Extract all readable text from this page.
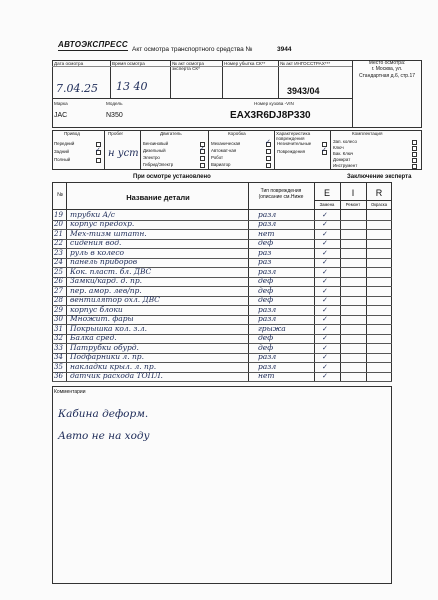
АВТОЭКСПРЕСС
Акт осмотра транспортного средства №	3944
Дата осмотра	Время осмотра	№ акт осмотра эксперта СК*
Номер убытка СК**	№ акт ИНГОССТРАХ***
7.04.25 13 40	3943/04
Место осмотра:
г. Москва, ул. Стандартная д.6, стр.17
Марка
JAC
Модель
N350
Номер кузова -VIN
EAX3R6DJ8P330
Привод
Передний
Задний	✓
Полный
Пробег
н уст
Двигатель
Бензиновый
Дизельный	✓
Электро
Гибрид/Электр
Коробка
Механическая	✓
Автомат-кая
Робот
Вариатор
Характеристика повреждения
Незначительные
Повреждения ✓
Комплектация
Зап. колесо
Ключ
Бак. Ключ
Домкрат
Инструмент
При осмотре установлено	Заключение эксперта
№	Название детали
Тип повреждения (описание см.Ниже	E	I	R
Замена	Ремонт	Окраска
19 трубки А/с	разл	✓
20 корпус предохр.	разл	✓
21 Мех-тизм штатн.	нет	✓
22 сидения вод.	деф	✓
23 руль в колесо	раз	✓
24 панель приборов	раз	✓
25 Кок. пласт. бл. ДВС	разл	✓
26 Замки/кард. д. пр.	деф	✓
27 пер. амор. лев/пр.	деф	✓
28 вентилятор охл. ДВС	деф	✓
29 корпус блоки	разл	✓
30 Множит. фары	разл	✓
31 Покрышка кол. з.л.	грыжа	✓
32 Балка сред.	деф	✓
33 Патрубки обурд.	деф	✓
34 Подфарники л. пр.	разл	✓
35 накладки крыл. л. пр.	разл	✓
36 датчик расхода ТОПЛ.	нет	✓
Комментарии
Кабина деформ.
Авто не на ходу
